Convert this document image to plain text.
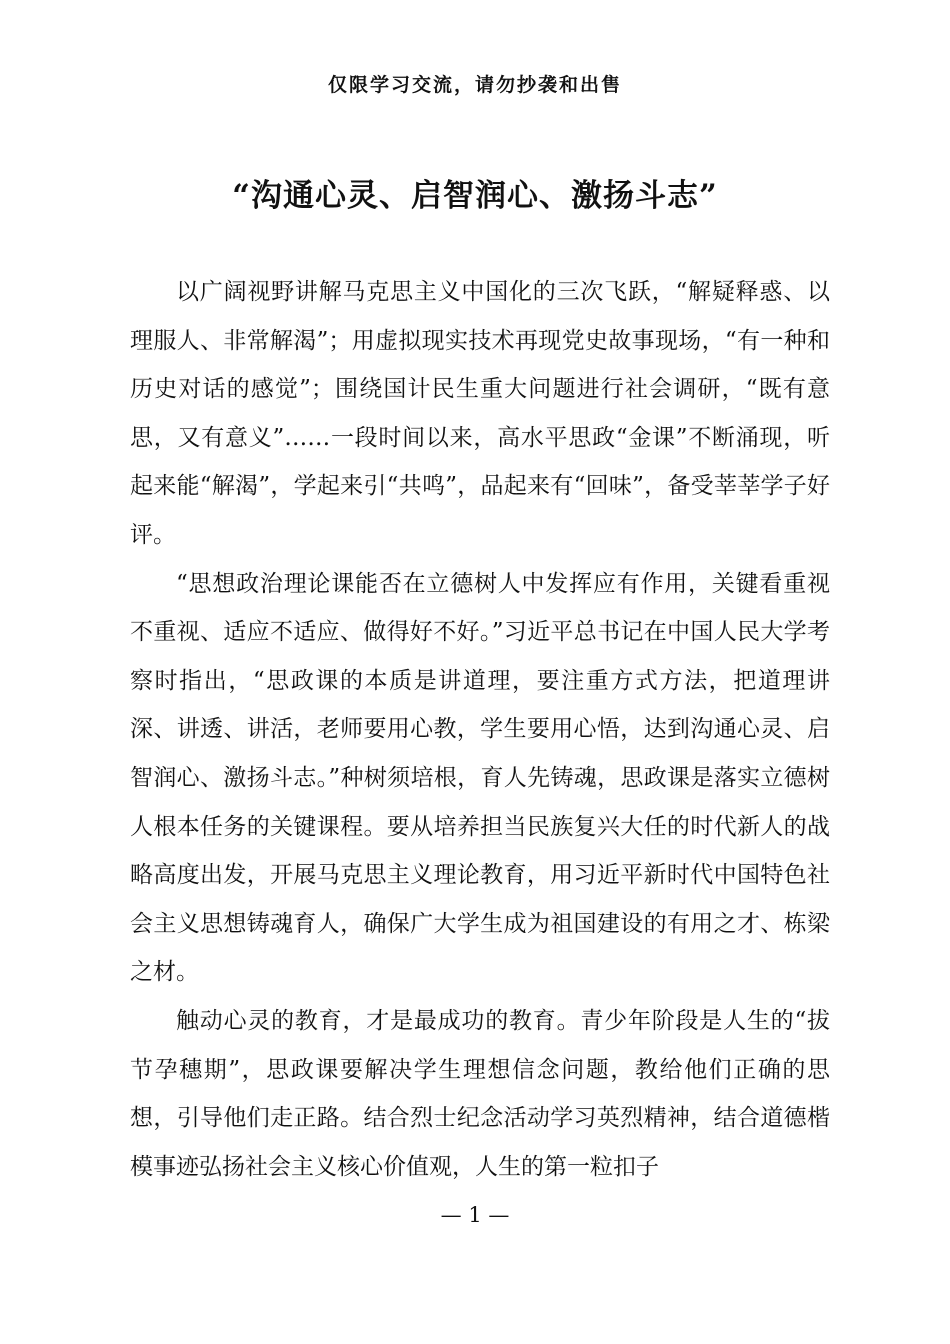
仅限学习交流，请勿抄袭和出售
“沟通心灵、启智润心、激扬斗志”

以广阔视野讲解马克思主义中国化的三次飞跃，“解疑释惑、以理服人、非常解渴”；用虚拟现实技术再现党史故事现场，“有一种和历史对话的感觉”；围绕国计民生重大问题进行社会调研，“既有意思，又有意义”……一段时间以来，高水平思政“金课”不断涌现，听起来能“解渴”，学起来引“共鸣”，品起来有“回味”，备受莘莘学子好评。

“思想政治理论课能否在立德树人中发挥应有作用，关键看重视不重视、适应不适应、做得好不好。”习近平总书记在中国人民大学考察时指出，“思政课的本质是讲道理，要注重方式方法，把道理讲深、讲透、讲活，老师要用心教，学生要用心悟，达到沟通心灵、启智润心、激扬斗志。”种树须培根，育人先铸魂，思政课是落实立德树人根本任务的关键课程。要从培养担当民族复兴大任的时代新人的战略高度出发，开展马克思主义理论教育，用习近平新时代中国特色社会主义思想铸魂育人，确保广大学生成为祖国建设的有用之才、栋梁之材。

触动心灵的教育，才是最成功的教育。青少年阶段是人生的“拔节孕穗期”，思政课要解决学生理想信念问题，教给他们正确的思想，引导他们走正路。结合烈士纪念活动学习英烈精神，结合道德楷模事迹弘扬社会主义核心价值观，人生的第一粒扣子

— 1 —
